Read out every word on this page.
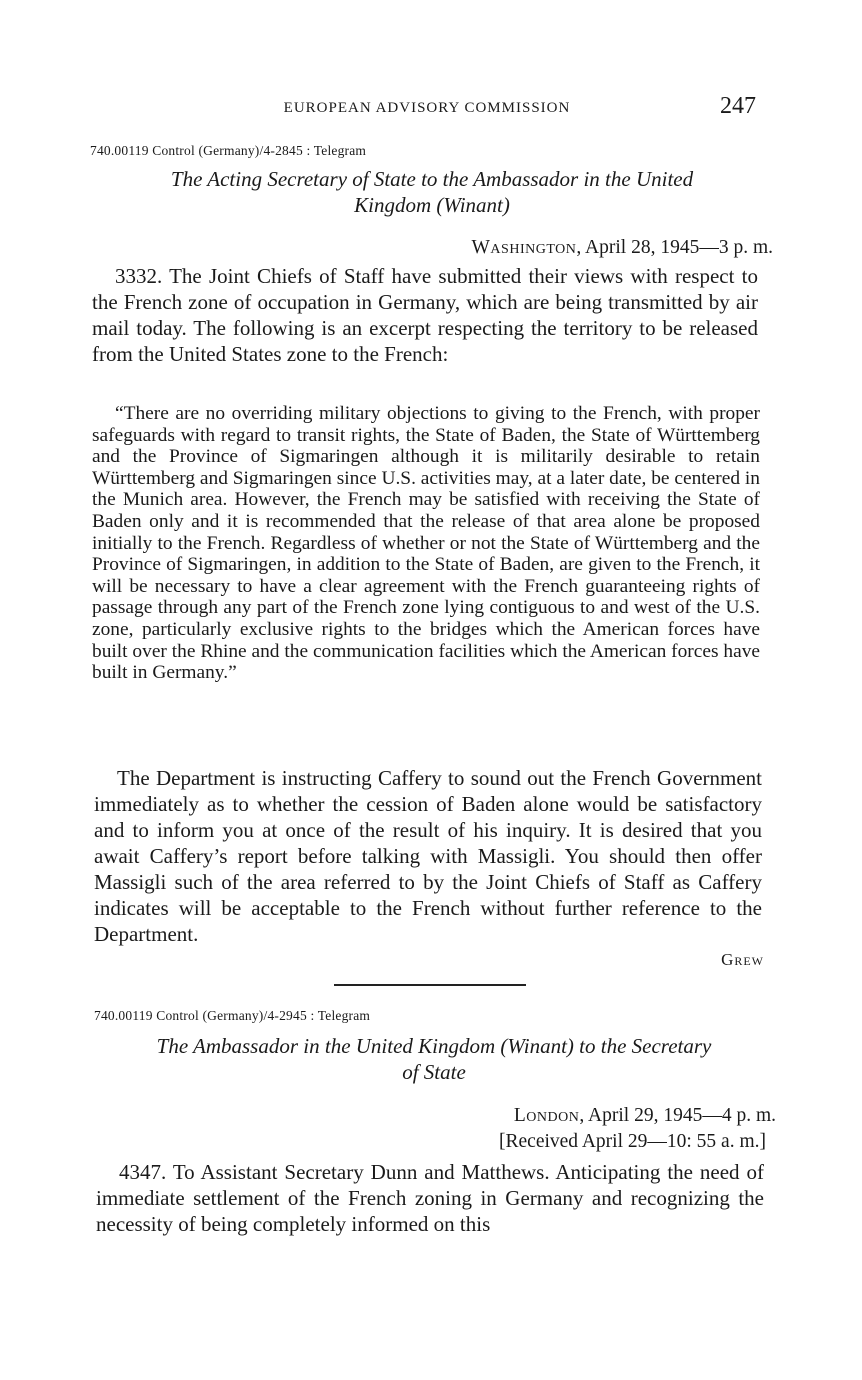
EUROPEAN ADVISORY COMMISSION	247
740.00119 Control (Germany)/4-2845 : Telegram
The Acting Secretary of State to the Ambassador in the United
Kingdom (Winant)
Washington, April 28, 1945—3 p. m.

3332. The Joint Chiefs of Staff have submitted their views with respect to the French zone of occupation in Germany, which are being transmitted by air mail today. The following is an excerpt respecting the territory to be released from the United States zone to the French:

“There are no overriding military objections to giving to the French, with proper safeguards with regard to transit rights, the State of Baden, the State of Württemberg and the Province of Sigmaringen although it is militarily desirable to retain Württemberg and Sigmaringen since U.S. activities may, at a later date, be centered in the Munich area. However, the French may be satisfied with receiving the State of Baden only and it is recommended that the release of that area alone be proposed initially to the French. Regardless of whether or not the State of Württemberg and the Province of Sigmaringen, in addition to the State of Baden, are given to the French, it will be necessary to have a clear agreement with the French guaranteeing rights of passage through any part of the French zone lying contiguous to and west of the U.S. zone, particularly exclusive rights to the bridges which the American forces have built over the Rhine and the communication facilities which the American forces have built in Germany.”

The Department is instructing Caffery to sound out the French Government immediately as to whether the cession of Baden alone would be satisfactory and to inform you at once of the result of his inquiry. It is desired that you await Caffery’s report before talking with Massigli. You should then offer Massigli such of the area referred to by the Joint Chiefs of Staff as Caffery indicates will be acceptable to the French without further reference to the Department.

Grew
740.00119 Control (Germany)/4-2945 : Telegram
The Ambassador in the United Kingdom (Winant) to the Secretary
of State
London, April 29, 1945—4 p. m.
[Received April 29—10: 55 a. m.]

4347. To Assistant Secretary Dunn and Matthews. Anticipating the need of immediate settlement of the French zoning in Germany and recognizing the necessity of being completely informed on this
